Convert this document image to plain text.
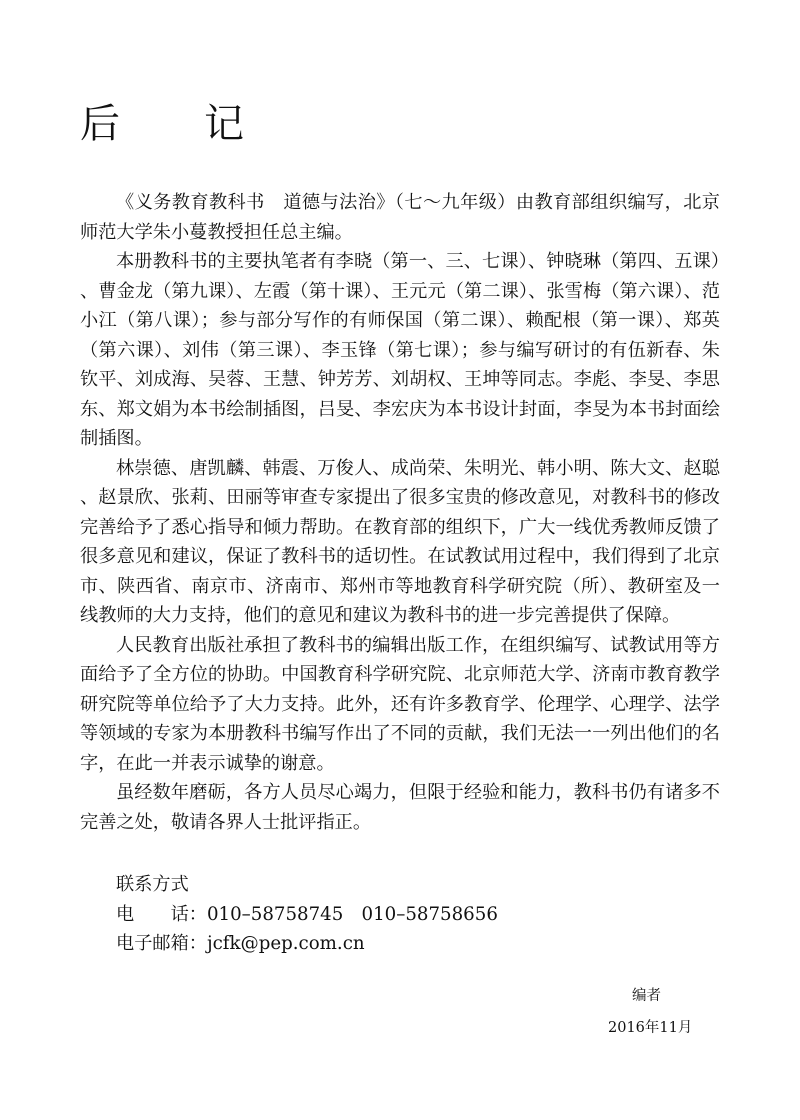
后　记

《义务教育教科书　道德与法治》（七～九年级）由教育部组织编写，北京师范大学朱小蔓教授担任总主编。

本册教科书的主要执笔者有李晓（第一、三、七课）、钟晓琳（第四、五课）、曹金龙（第九课）、左霞（第十课）、王元元（第二课）、张雪梅（第六课）、范小江（第八课）；参与部分写作的有师保国（第二课）、赖配根（第一课）、郑英（第六课）、刘伟（第三课）、李玉锋（第七课）；参与编写研讨的有伍新春、朱钦平、刘成海、吴蓉、王慧、钟芳芳、刘胡权、王坤等同志。李彪、李旻、李思东、郑文娟为本书绘制插图，吕旻、李宏庆为本书设计封面，李旻为本书封面绘制插图。

林崇德、唐凯麟、韩震、万俊人、成尚荣、朱明光、韩小明、陈大文、赵聪、赵景欣、张莉、田丽等审查专家提出了很多宝贵的修改意见，对教科书的修改完善给予了悉心指导和倾力帮助。在教育部的组织下，广大一线优秀教师反馈了很多意见和建议，保证了教科书的适切性。在试教试用过程中，我们得到了北京市、陕西省、南京市、济南市、郑州市等地教育科学研究院（所）、教研室及一线教师的大力支持，他们的意见和建议为教科书的进一步完善提供了保障。

人民教育出版社承担了教科书的编辑出版工作，在组织编写、试教试用等方面给予了全方位的协助。中国教育科学研究院、北京师范大学、济南市教育教学研究院等单位给予了大力支持。此外，还有许多教育学、伦理学、心理学、法学等领域的专家为本册教科书编写作出了不同的贡献，我们无法一一列出他们的名字，在此一并表示诚挚的谢意。

虽经数年磨砺，各方人员尽心竭力，但限于经验和能力，教科书仍有诸多不完善之处，敬请各界人士批评指正。

联系方式
电　　话：010–58758745　010–58758656
电子邮箱：jcfk@pep.com.cn
编者
2016年11月
